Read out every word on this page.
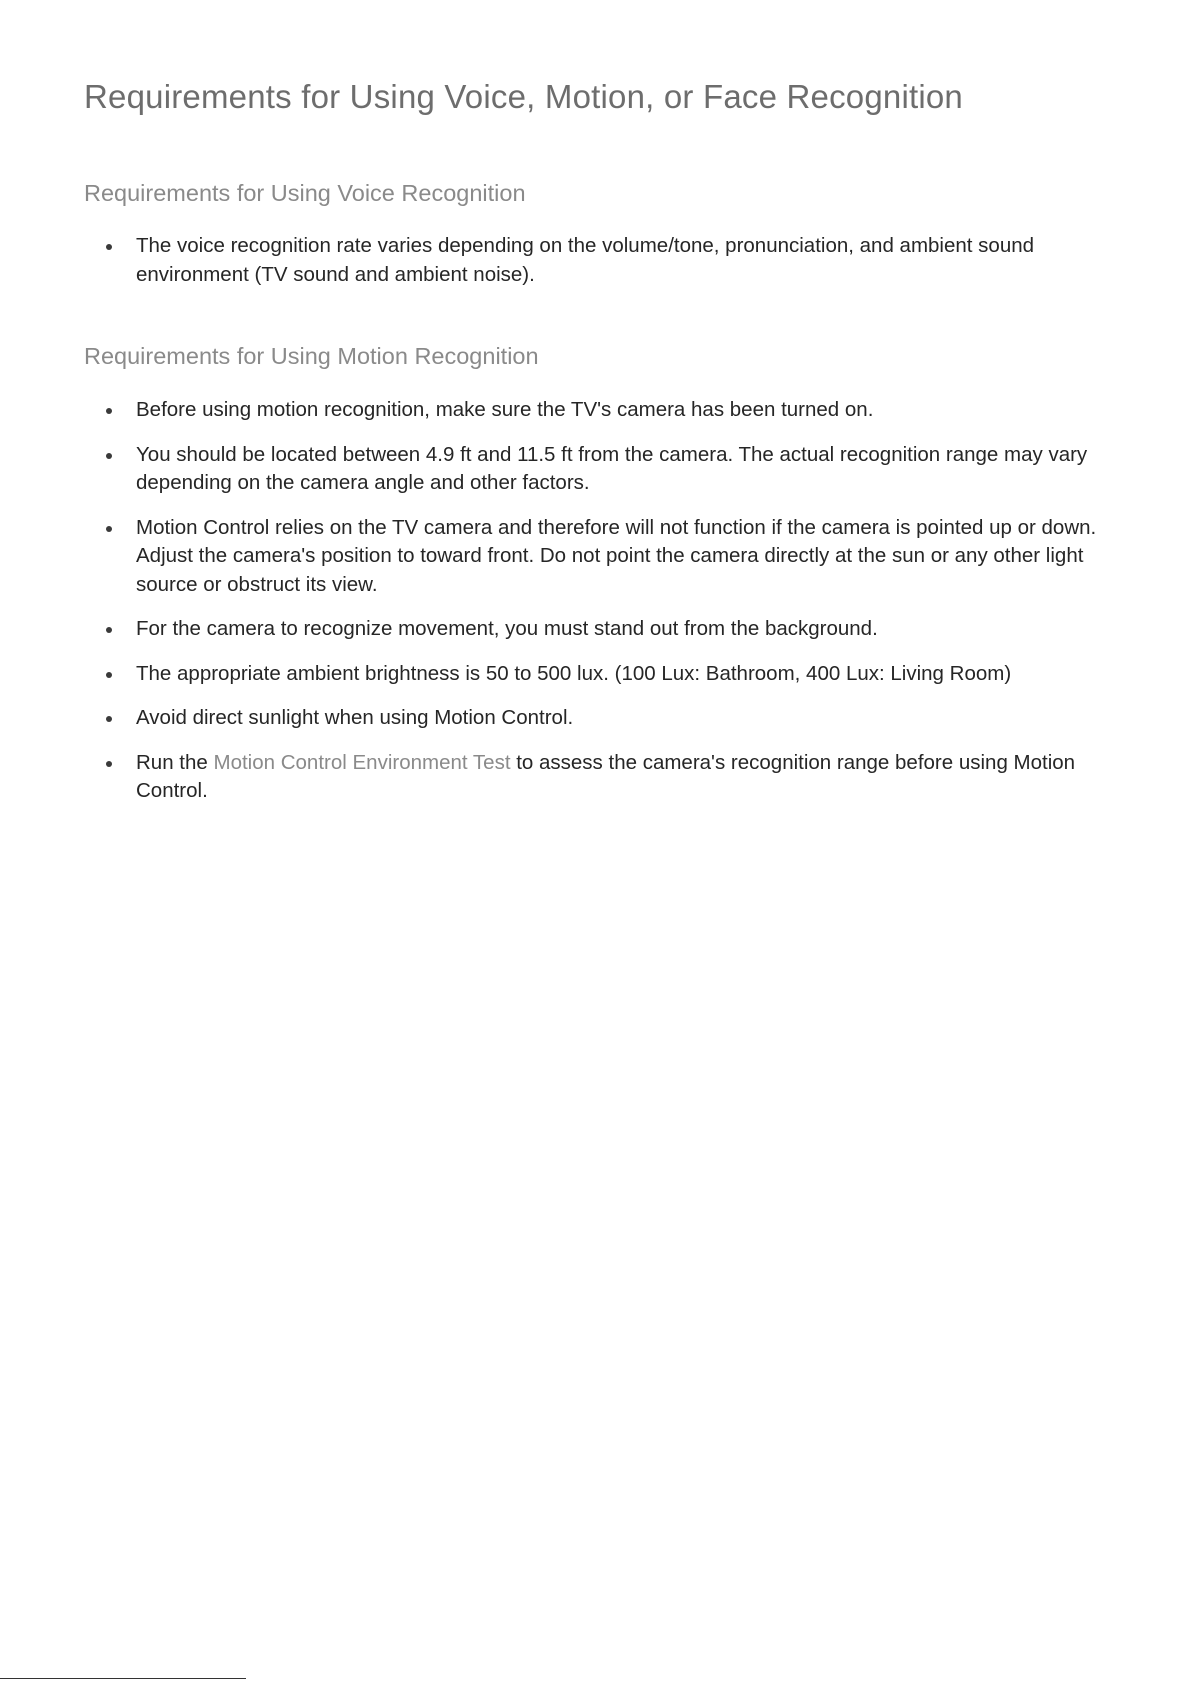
Requirements for Using Voice, Motion, or Face Recognition
Requirements for Using Voice Recognition
The voice recognition rate varies depending on the volume/tone, pronunciation, and ambient sound environment (TV sound and ambient noise).
Requirements for Using Motion Recognition
Before using motion recognition, make sure the TV's camera has been turned on.
You should be located between 4.9 ft and 11.5 ft from the camera. The actual recognition range may vary depending on the camera angle and other factors.
Motion Control relies on the TV camera and therefore will not function if the camera is pointed up or down. Adjust the camera's position to toward front. Do not point the camera directly at the sun or any other light source or obstruct its view.
For the camera to recognize movement, you must stand out from the background.
The appropriate ambient brightness is 50 to 500 lux. (100 Lux: Bathroom, 400 Lux: Living Room)
Avoid direct sunlight when using Motion Control.
Run the Motion Control Environment Test to assess the camera's recognition range before using Motion Control.
